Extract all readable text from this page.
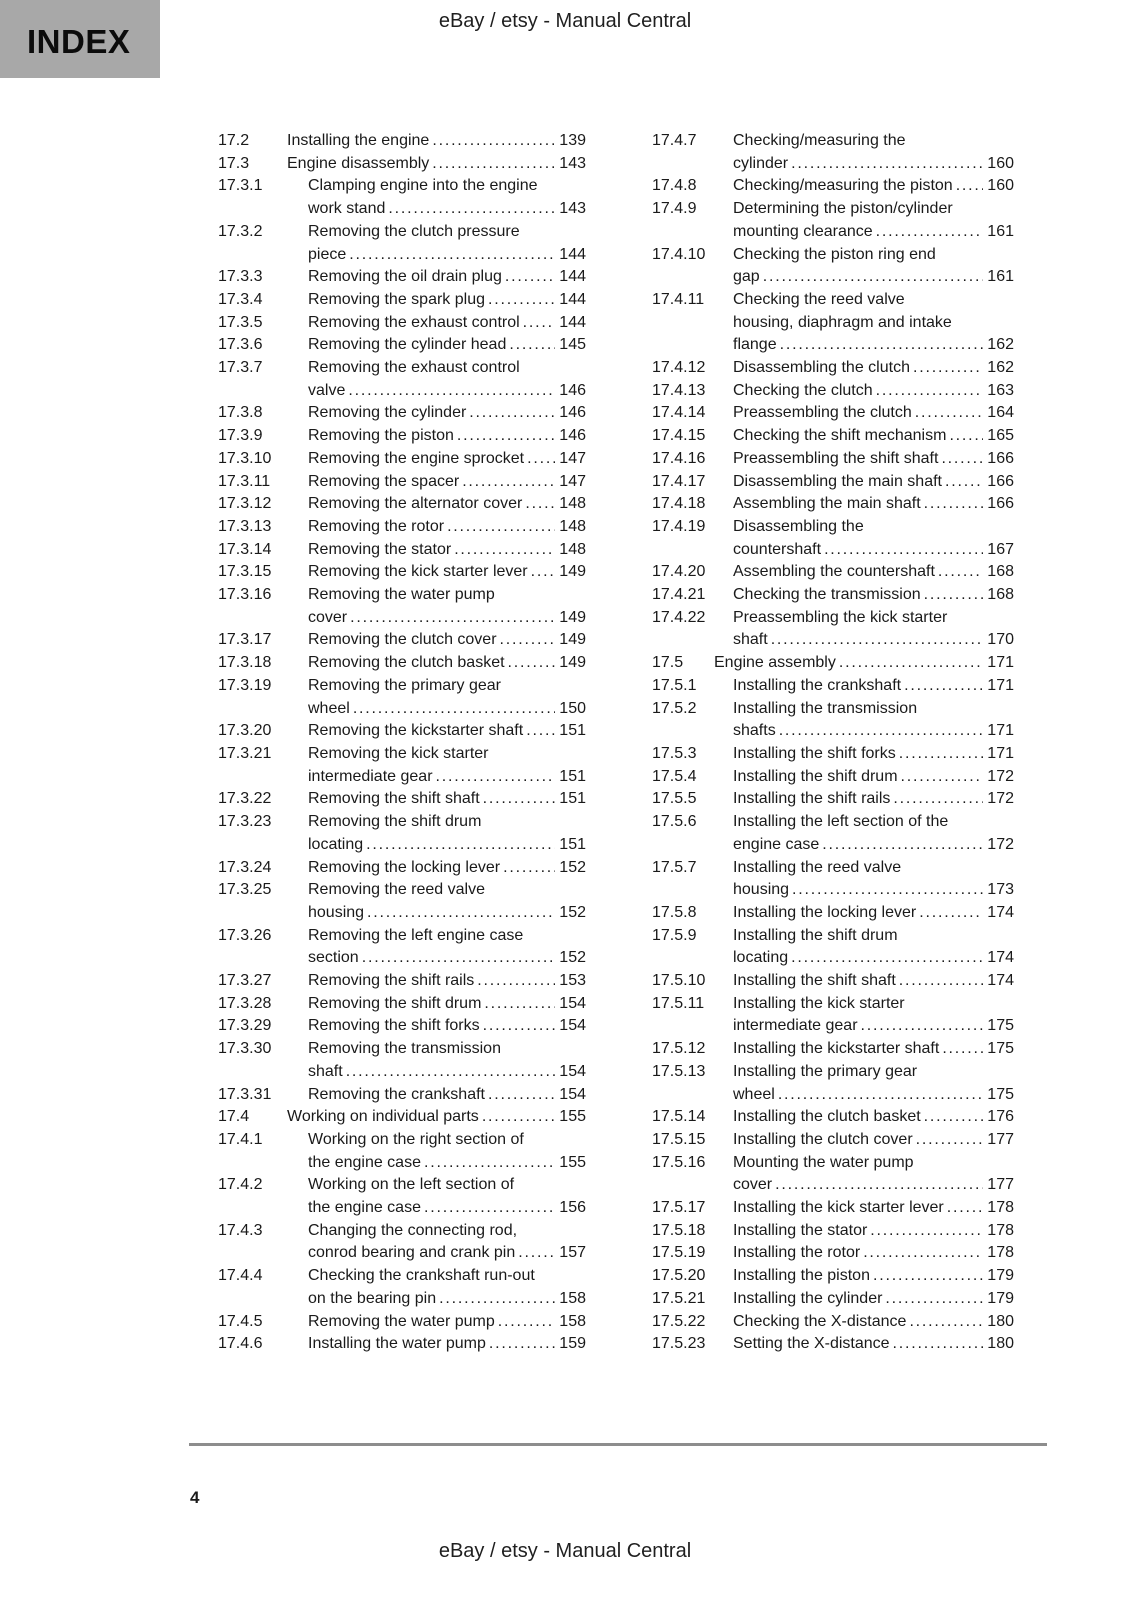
INDEX
eBay / etsy - Manual Central
17.2	Installing the engine .....	139
17.3	Engine disassembly .....	143
17.3.1	Clamping engine into the engine
work stand .....	143
17.3.2	Removing the clutch pressure
piece .....	144
17.3.3	Removing the oil drain plug .....	144
17.3.4	Removing the spark plug .....	144
17.3.5	Removing the exhaust control ..... 144
17.3.6	Removing the cylinder head .....	145
17.3.7	Removing the exhaust control
valve .....	146
17.3.8	Removing the cylinder .....	146
17.3.9	Removing the piston .....	146
17.3.10	Removing the engine sprocket ..... 147
17.3.11	Removing the spacer .....	147
17.3.12	Removing the alternator cover ..... 148
17.3.13	Removing the rotor .....	148
17.3.14	Removing the stator .....	148
17.3.15	Removing the kick starter lever ..... 149
17.3.16	Removing the water pump
cover .....	149
17.3.17	Removing the clutch cover .....	149
17.3.18	Removing the clutch basket .....	149
17.3.19	Removing the primary gear
wheel .....	150
17.3.20	Removing the kickstarter shaft ..... 151
17.3.21	Removing the kick starter
intermediate gear .....	151
17.3.22	Removing the shift shaft .....	151
17.3.23	Removing the shift drum
locating .....	151
17.3.24	Removing the locking lever .....	152
17.3.25	Removing the reed valve
housing .....	152
17.3.26	Removing the left engine case
section .....	152
17.3.27	Removing the shift rails .....	153
17.3.28	Removing the shift drum .....	154
17.3.29	Removing the shift forks .....	154
17.3.30	Removing the transmission
shaft .....	154
17.3.31	Removing the crankshaft .....	154
17.4	Working on individual parts .....	155
17.4.1	Working on the right section of
the engine case .....	155
17.4.2	Working on the left section of
the engine case .....	156
17.4.3	Changing the connecting rod,
conrod bearing and crank pin .....	157
17.4.4	Checking the crankshaft run-out
on the bearing pin .....	158
17.4.5	Removing the water pump .....	158
17.4.6	Installing the water pump .....	159
17.4.7	Checking/measuring the
cylinder .....	160
17.4.8	Checking/measuring the piston ..... 160
17.4.9	Determining the piston/cylinder
mounting clearance .....	161
17.4.10	Checking the piston ring end
gap .....	161
17.4.11	Checking the reed valve
housing, diaphragm and intake
flange .....	162
17.4.12	Disassembling the clutch .....	162
17.4.13	Checking the clutch .....	163
17.4.14	Preassembling the clutch .....	164
17.4.15	Checking the shift mechanism .....	165
17.4.16	Preassembling the shift shaft .....	166
17.4.17	Disassembling the main shaft .....	166
17.4.18	Assembling the main shaft .....	166
17.4.19	Disassembling the
countershaft .....	167
17.4.20	Assembling the countershaft .....	168
17.4.21	Checking the transmission .....	168
17.4.22	Preassembling the kick starter
shaft .....	170
17.5	Engine assembly .....	171
17.5.1	Installing the crankshaft .....	171
17.5.2	Installing the transmission
shafts .....	171
17.5.3	Installing the shift forks .....	171
17.5.4	Installing the shift drum .....	172
17.5.5	Installing the shift rails .....	172
17.5.6	Installing the left section of the
engine case .....	172
17.5.7	Installing the reed valve
housing .....	173
17.5.8	Installing the locking lever .....	174
17.5.9	Installing the shift drum
locating .....	174
17.5.10	Installing the shift shaft .....	174
17.5.11	Installing the kick starter
intermediate gear .....	175
17.5.12	Installing the kickstarter shaft .....	175
17.5.13	Installing the primary gear
wheel .....	175
17.5.14	Installing the clutch basket .....	176
17.5.15	Installing the clutch cover .....	177
17.5.16	Mounting the water pump
cover .....	177
17.5.17	Installing the kick starter lever .....	178
17.5.18	Installing the stator .....	178
17.5.19	Installing the rotor .....	178
17.5.20	Installing the piston .....	179
17.5.21	Installing the cylinder .....	179
17.5.22	Checking the X-distance .....	180
17.5.23	Setting the X-distance .....	180
4
eBay / etsy - Manual Central
